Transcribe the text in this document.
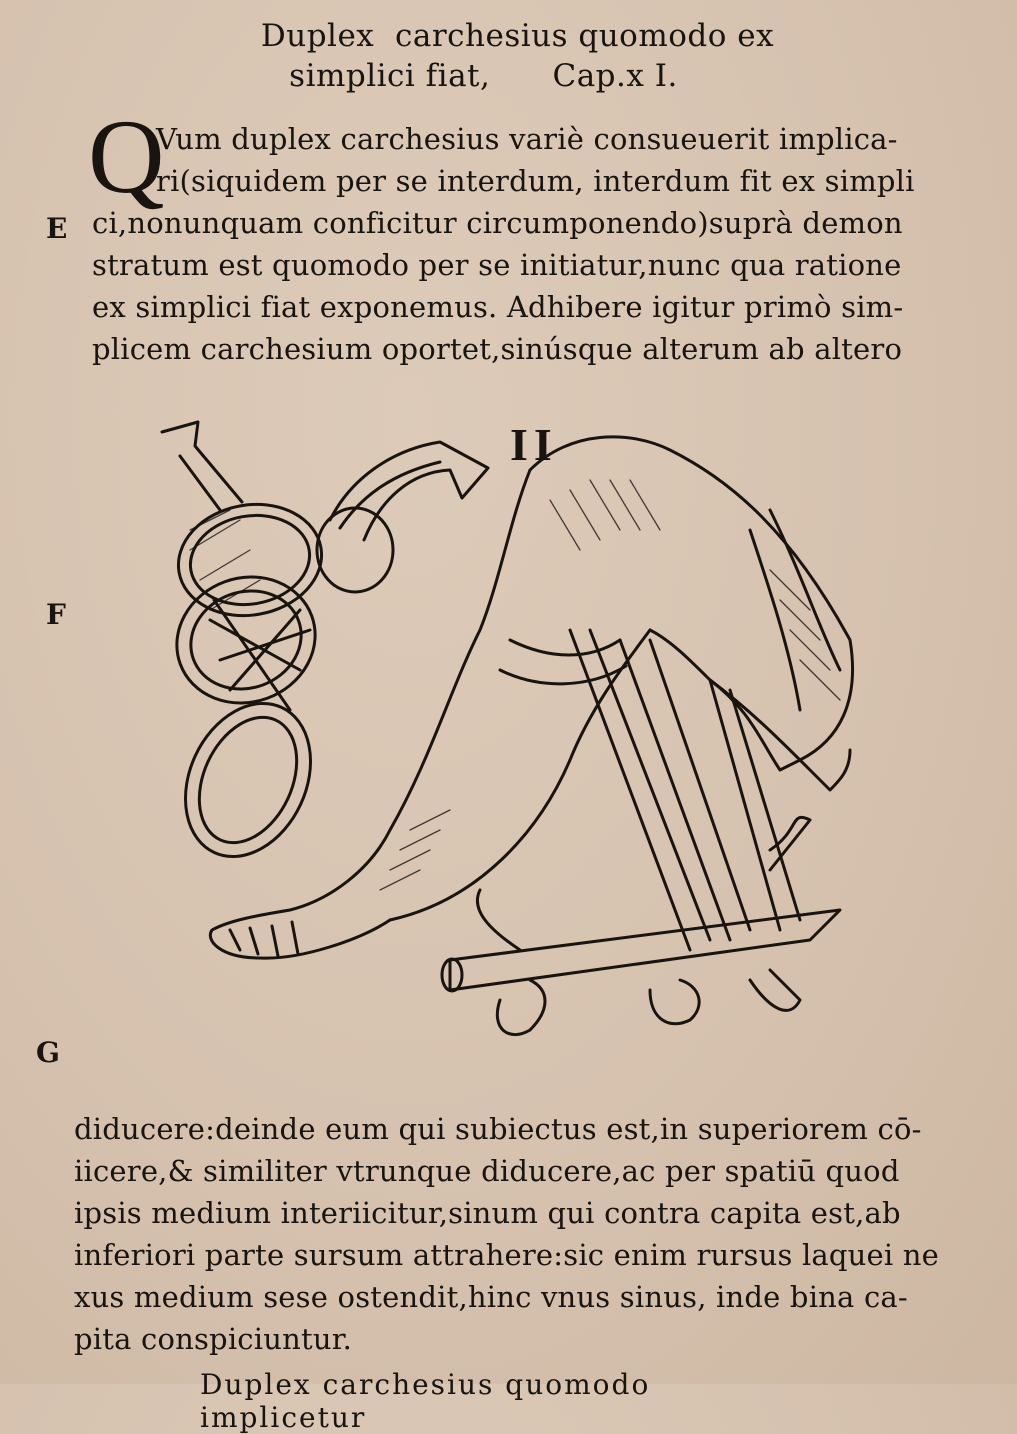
Duplex  carchesius quomodo ex
simplici fiat,      Cap.x I.
Q
Vum duplex carchesius variè consueuerit implica-
ri(siquidem per se interdum, interdum fit ex simpli
ci,nonunquam conficitur circumponendo)suprà demon
stratum est quomodo per se initiatur,nunc qua ratione
ex simplici fiat exponemus. Adhibere igitur primò sim-
plicem carchesium oportet,sinúsque alterum ab altero
E
F
G
II
diducere:deinde eum qui subiectus est,in superiorem cō-
iicere,& similiter vtrunque diducere,ac per spatiū quod
ipsis medium interiicitur,sinum qui contra capita est,ab
inferiori parte sursum attrahere:sic enim rursus laquei ne
xus medium sese ostendit,hinc vnus sinus, inde bina ca-
pita conspiciuntur.
Duplex carchesius quomodo implicetur
